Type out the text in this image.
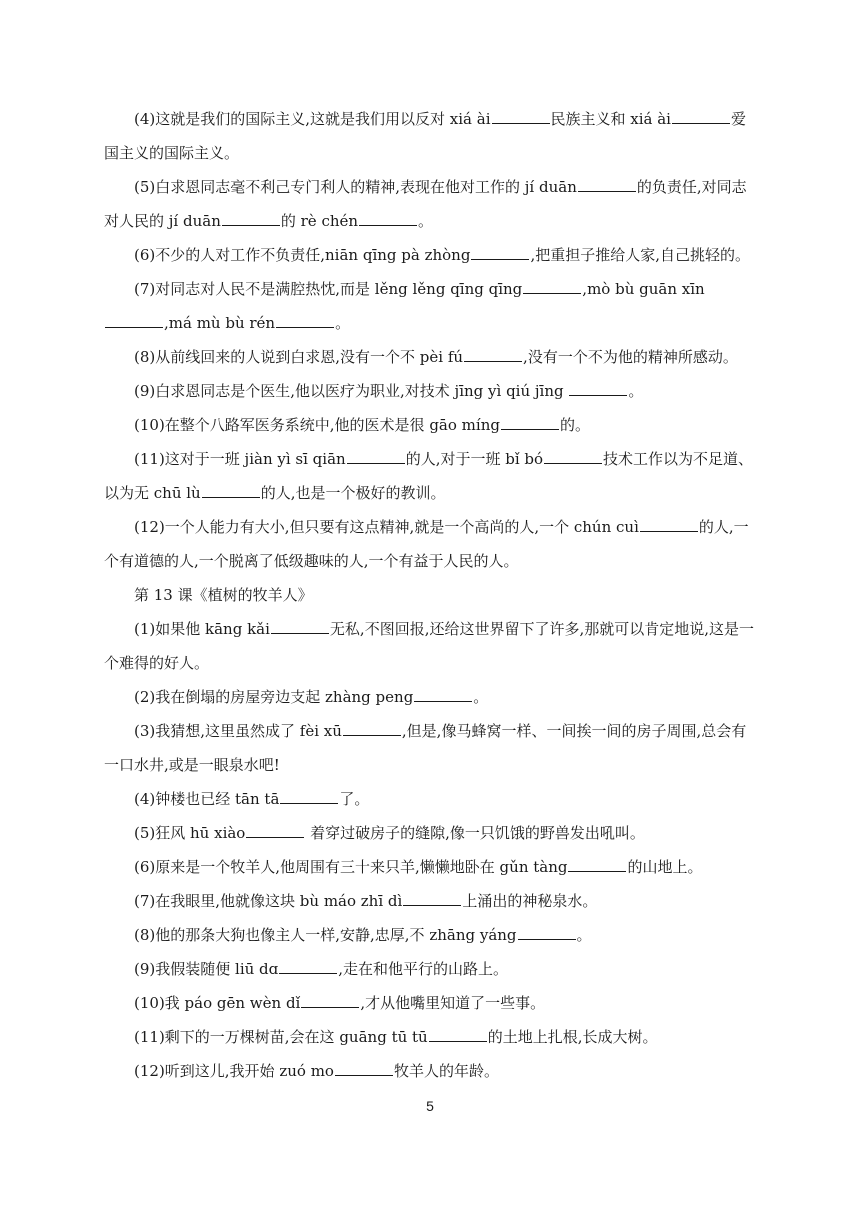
(4)这就是我们的国际主义,这就是我们用以反对 xiá ài	民族主义和 xiá ài	爱国主义的国际主义。

(5)白求恩同志毫不利己专门利人的精神,表现在他对工作的 jí duān	的负责任,对同志对人民的 jí duān	的 rè chén	。

(6)不少的人对工作不负责任,niān qīng pà zhòng	,把重担子推给人家,自己挑轻的。

(7)对同志对人民不是满腔热忱,而是 lěng lěng qīng qīng	,mò bù guān xīn,má mù bù rén	。

(8)从前线回来的人说到白求恩,没有一个不 pèi fú	,没有一个不为他的精神所感动。

(9)白求恩同志是个医生,他以医疗为职业,对技术 jīng yì qiú jīng	。

(10)在整个八路军医务系统中,他的医术是很 gāo míng	的。

(11)这对于一班 jiàn yì sī qiān	的人,对于一班 bǐ bó	技术工作以为不足道、以为无 chū lù	的人,也是一个极好的教训。

(12)一个人能力有大小,但只要有这点精神,就是一个高尚的人,一个 chún cuì	的人,一个有道德的人,一个脱离了低级趣味的人,一个有益于人民的人。

第 13 课《植树的牧羊人》

(1)如果他 kāng kǎi	无私,不图回报,还给这世界留下了许多,那就可以肯定地说,这是一个难得的好人。

(2)我在倒塌的房屋旁边支起 zhàng peng	。

(3)我猜想,这里虽然成了 fèi xū	,但是,像马蜂窝一样、一间挨一间的房子周围,总会有一口水井,或是一眼泉水吧!

(4)钟楼也已经 tān tā	了。

(5)狂风 hū xiào	着穿过破房子的缝隙,像一只饥饿的野兽发出吼叫。

(6)原来是一个牧羊人,他周围有三十来只羊,懒懒地卧在 gǔn tàng	的山地上。

(7)在我眼里,他就像这块 bù máo zhī dì	上涌出的神秘泉水。

(8)他的那条大狗也像主人一样,安静,忠厚,不 zhāng yáng	。

(9)我假装随便 liū dɑ	,走在和他平行的山路上。

(10)我 páo gēn wèn dǐ	,才从他嘴里知道了一些事。

(11)剩下的一万棵树苗,会在这 guāng tū tū	的土地上扎根,长成大树。

(12)听到这儿,我开始 zuó mo	牧羊人的年龄。

5
